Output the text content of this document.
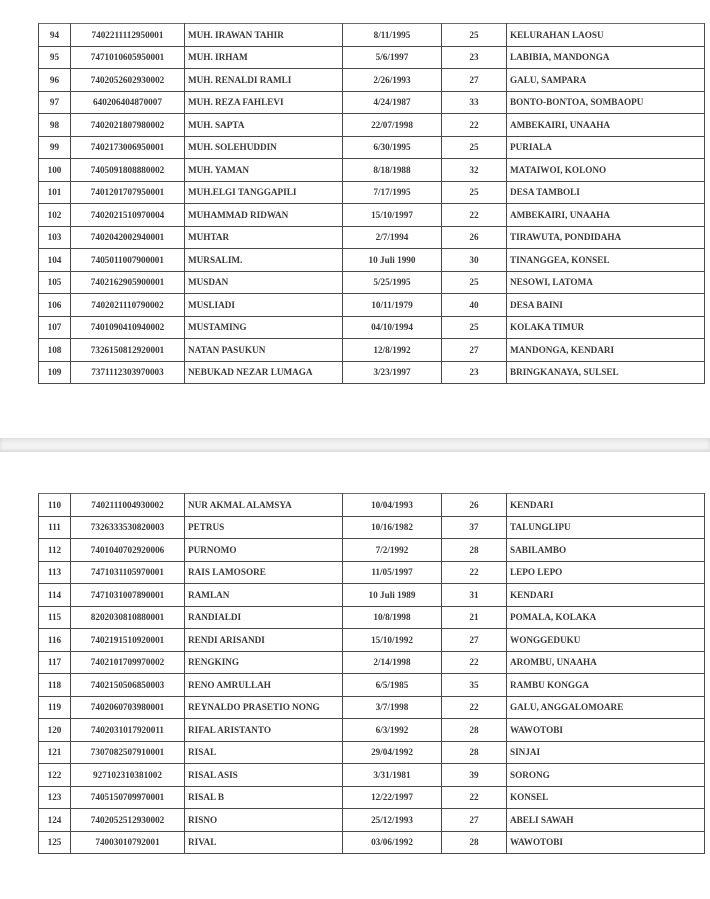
94	7402211112950001	MUH. IRAWAN TAHIR	8/11/1995	25	KELURAHAN LAOSU
95	7471010605950001	MUH. IRHAM	5/6/1997	23	LABIBIA, MANDONGA
96	7402052602930002	MUH. RENALDI RAMLI	2/26/1993	27	GALU, SAMPARA
97	640206404870007	MUH. REZA FAHLEVI	4/24/1987	33	BONTO-BONTOA, SOMBAOPU
98	7402021807980002	MUH. SAPTA	22/07/1998	22	AMBEKAIRI, UNAAHA
99	7402173006950001	MUH. SOLEHUDDIN	6/30/1995	25	PURIALA
100	7405091808880002	MUH. YAMAN	8/18/1988	32	MATAIWOI, KOLONO
101	7401201707950001	MUH.ELGI TANGGAPILI	7/17/1995	25	DESA TAMBOLI
102	7402021510970004	MUHAMMAD RIDWAN	15/10/1997	22	AMBEKAIRI, UNAAHA
103	7402042002940001	MUHTAR	2/7/1994	26	TIRAWUTA, PONDIDAHA
104	7405011007900001	MURSALIM.	10 Juli 1990	30	TINANGGEA, KONSEL
105	7402162905900001	MUSDAN	5/25/1995	25	NESOWI, LATOMA
106	7402021110790002	MUSLIADI	10/11/1979	40	DESA BAINI
107	7401090410940002	MUSTAMING	04/10/1994	25	KOLAKA TIMUR
108	7326150812920001	NATAN PASUKUN	12/8/1992	27	MANDONGA, KENDARI
109	7371112303970003	NEBUKAD NEZAR LUMAGA	3/23/1997	23	BRINGKANAYA, SULSEL
110	7402111004930002	NUR AKMAL ALAMSYA	10/04/1993	26	KENDARI
111	7326333530820003	PETRUS	10/16/1982	37	TALUNGLIPU
112	7401040702920006	PURNOMO	7/2/1992	28	SABILAMBO
113	7471031105970001	RAIS LAMOSORE	11/05/1997	22	LEPO LEPO
114	7471031007890001	RAMLAN	10 Juli 1989	31	KENDARI
115	8202030810880001	RANDIALDI	10/8/1998	21	POMALA, KOLAKA
116	7402191510920001	RENDI ARISANDI	15/10/1992	27	WONGGEDUKU
117	7402101709970002	RENGKING	2/14/1998	22	AROMBU, UNAAHA
118	7402150506850003	RENO AMRULLAH	6/5/1985	35	RAMBU KONGGA
119	7402060703980001	REYNALDO PRASETIO NONG	3/7/1998	22	GALU, ANGGALOMOARE
120	7402031017920011	RIFAL ARISTANTO	6/3/1992	28	WAWOTOBI
121	7307082507910001	RISAL	29/04/1992	28	SINJAI
122	927102310381002	RISAL ASIS	3/31/1981	39	SORONG
123	7405150709970001	RISAL B	12/22/1997	22	KONSEL
124	7402052512930002	RISNO	25/12/1993	27	ABELI SAWAH
125	74003010792001	RIVAL	03/06/1992	28	WAWOTOBI
